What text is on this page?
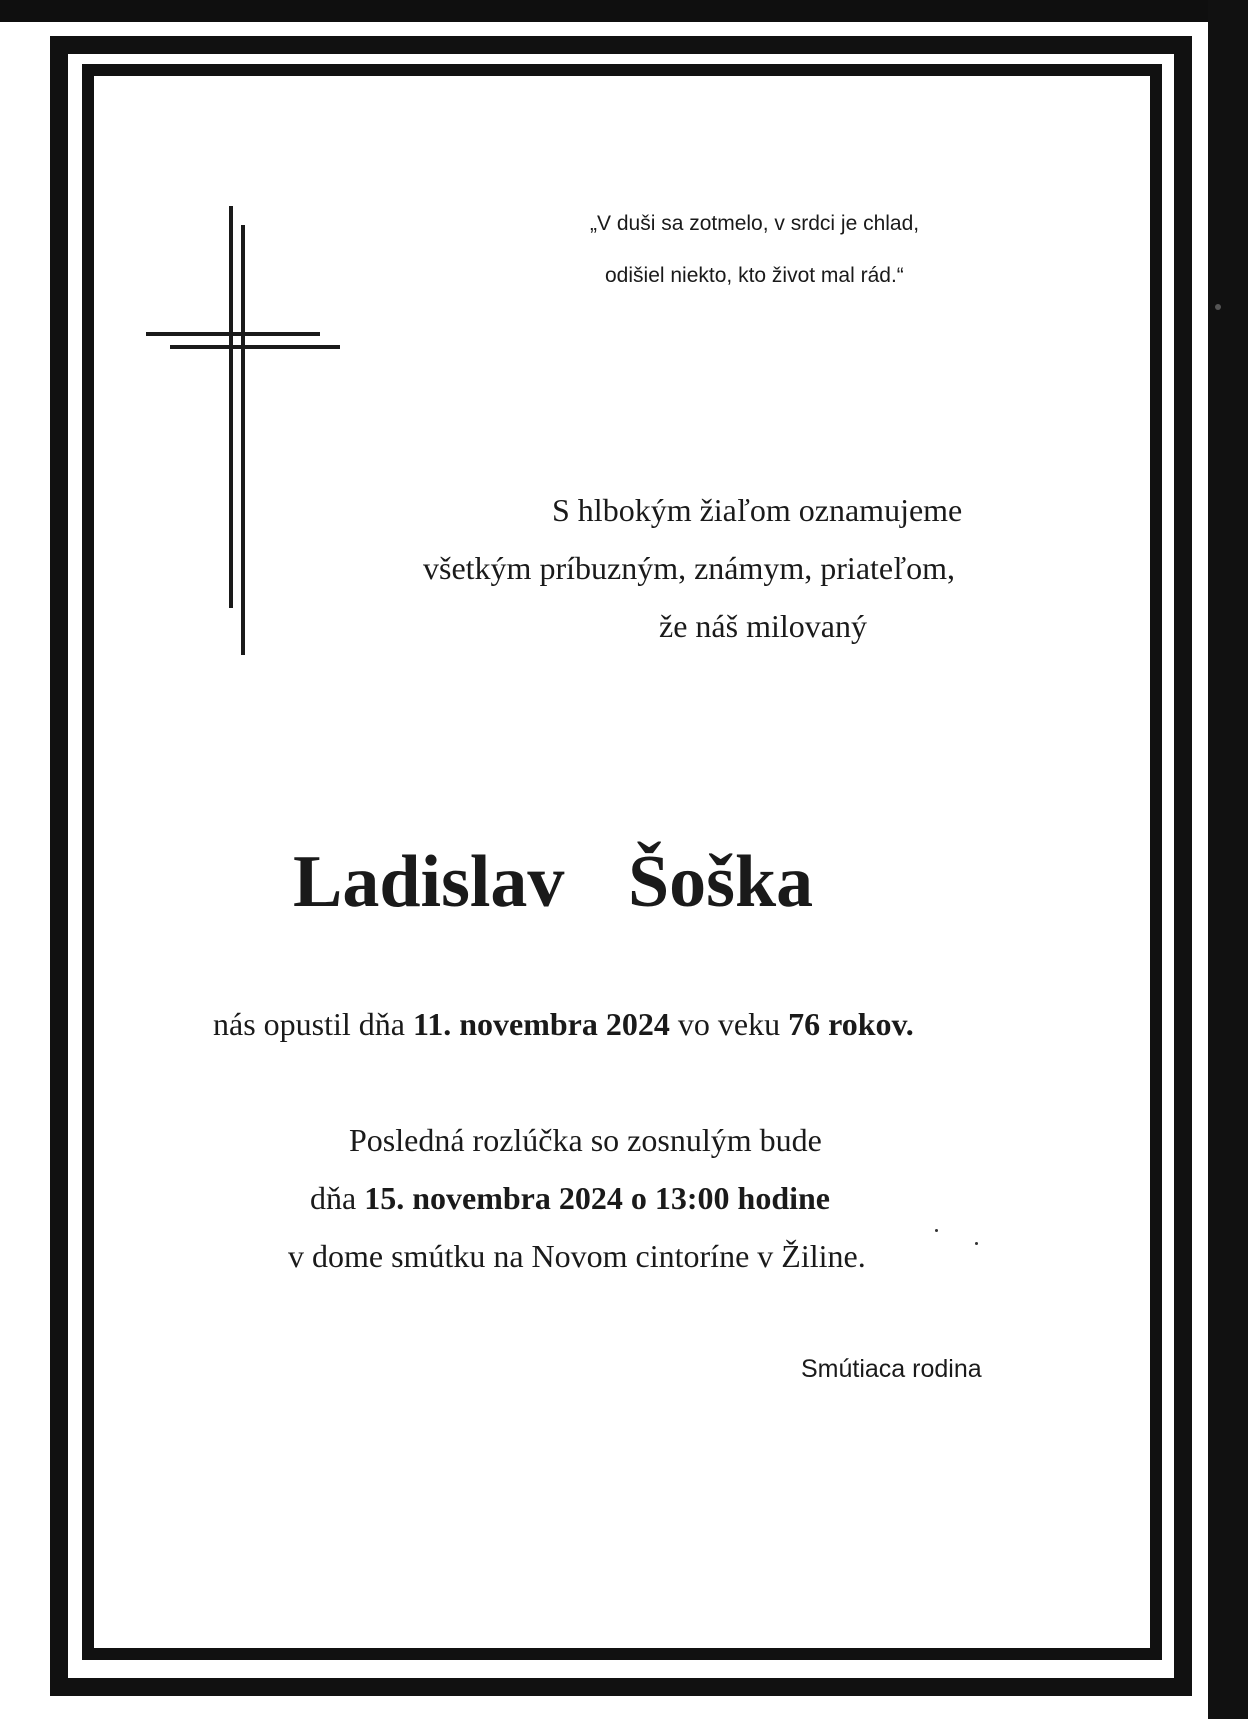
„V duši sa zotmelo, v srdci je chlad,
odišiel niekto, kto život mal rád.“
S hlbokým žiaľom oznamujeme
všetkým príbuzným, známym, priateľom,
že náš milovaný
Ladislav Šoška
nás opustil dňa 11. novembra 2024 vo veku 76 rokov.
Posledná rozlúčka so zosnulým bude
dňa 15. novembra 2024 o 13:00 hodine
v dome smútku na Novom cintoríne v Žiline.
Smútiaca rodina
